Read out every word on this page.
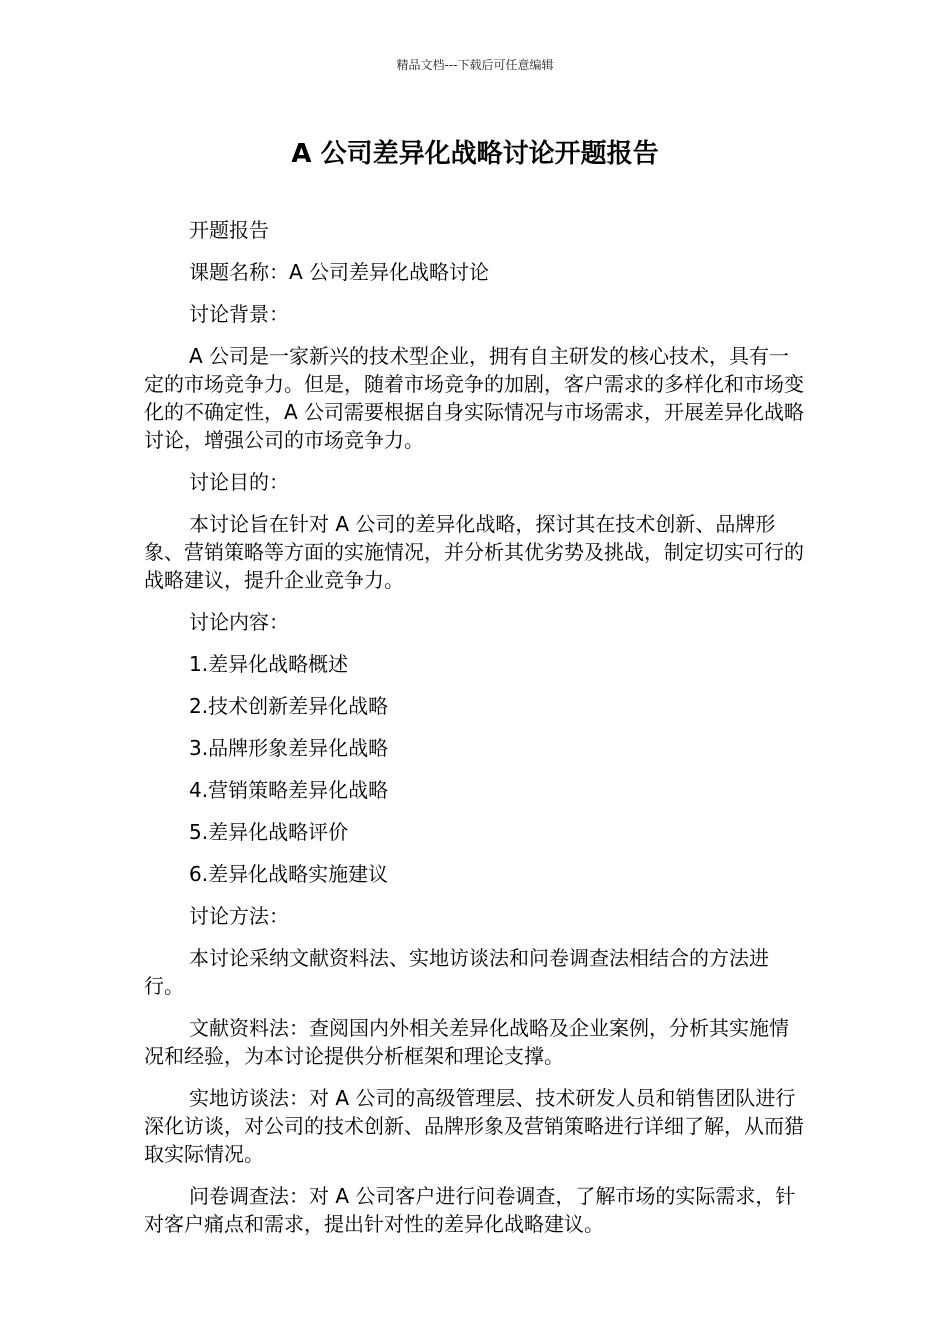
精品文档---下载后可任意编辑
A 公司差异化战略讨论开题报告

开题报告

课题名称：A 公司差异化战略讨论

讨论背景：

A 公司是一家新兴的技术型企业，拥有自主研发的核心技术，具有一定的市场竞争力。但是，随着市场竞争的加剧，客户需求的多样化和市场变化的不确定性，A 公司需要根据自身实际情况与市场需求，开展差异化战略讨论，增强公司的市场竞争力。

讨论目的：

本讨论旨在针对 A 公司的差异化战略，探讨其在技术创新、品牌形象、营销策略等方面的实施情况，并分析其优劣势及挑战，制定切实可行的战略建议，提升企业竞争力。

讨论内容：

1.差异化战略概述

2.技术创新差异化战略

3.品牌形象差异化战略

4.营销策略差异化战略

5.差异化战略评价

6.差异化战略实施建议

讨论方法：

本讨论采纳文献资料法、实地访谈法和问卷调查法相结合的方法进行。

文献资料法：查阅国内外相关差异化战略及企业案例，分析其实施情况和经验，为本讨论提供分析框架和理论支撑。

实地访谈法：对 A 公司的高级管理层、技术研发人员和销售团队进行深化访谈，对公司的技术创新、品牌形象及营销策略进行详细了解，从而猎取实际情况。

问卷调查法：对 A 公司客户进行问卷调查，了解市场的实际需求，针对客户痛点和需求，提出针对性的差异化战略建议。
